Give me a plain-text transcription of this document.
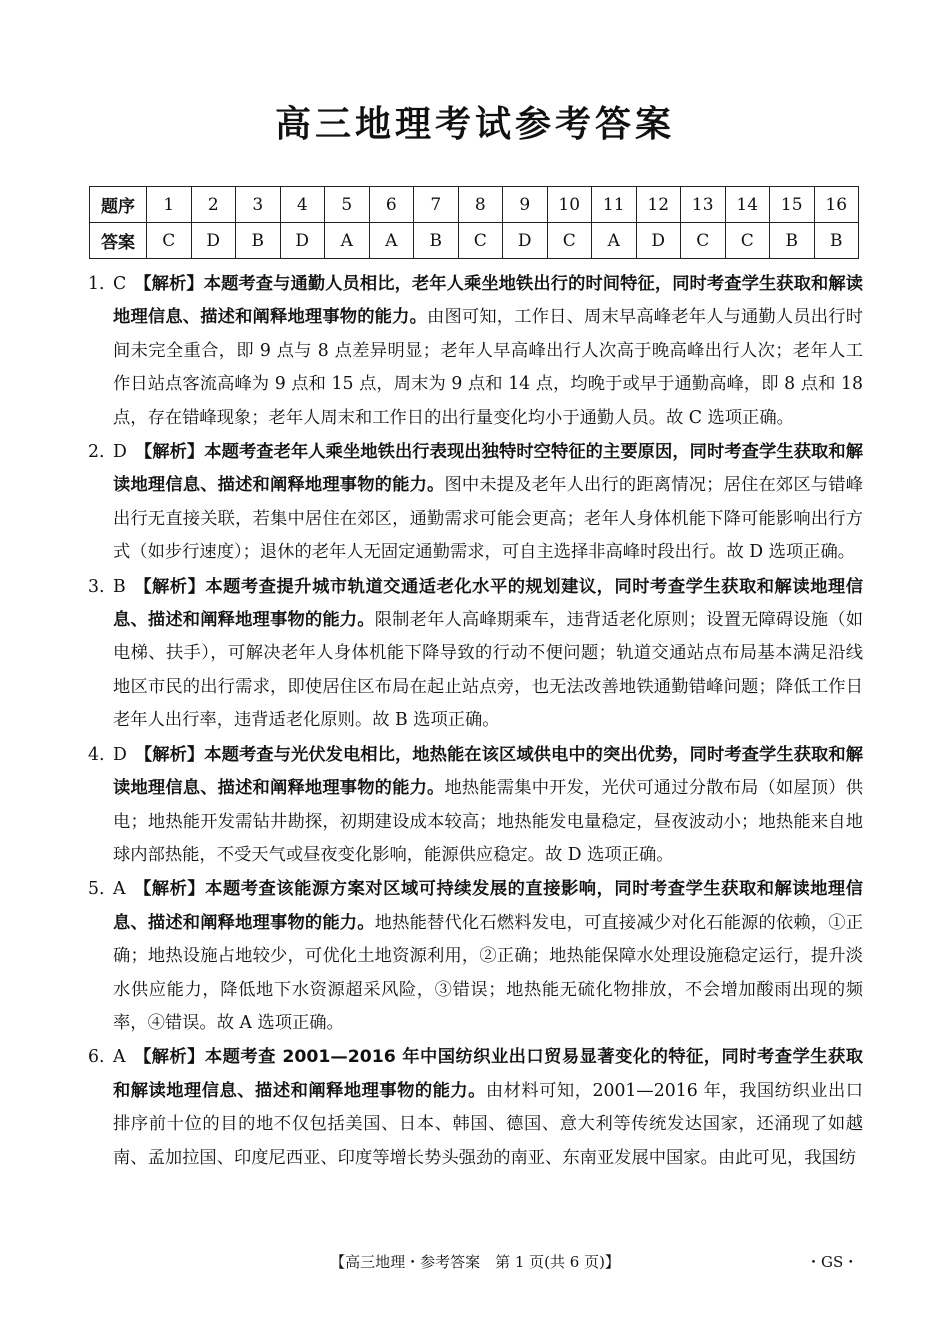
高三地理考试参考答案
题序	1	2	3	4	5	6	7	8	9	10	11	12	13	14	15	16
答案	C	D	B	D	A	A	B	C	D	C	A	D	C	C	B	B
1. C 【解析】本题考查与通勤人员相比，老年人乘坐地铁出行的时间特征，同时考查学生获取和解读地理信息、描述和阐释地理事物的能力。由图可知，工作日、周末早高峰老年人与通勤人员出行时间未完全重合，即 9 点与 8 点差异明显；老年人早高峰出行人次高于晚高峰出行人次；老年人工作日站点客流高峰为 9 点和 15 点，周末为 9 点和 14 点，均晚于或早于通勤高峰，即 8 点和 18 点，存在错峰现象；老年人周末和工作日的出行量变化均小于通勤人员。故 C 选项正确。
2. D 【解析】本题考查老年人乘坐地铁出行表现出独特时空特征的主要原因，同时考查学生获取和解读地理信息、描述和阐释地理事物的能力。图中未提及老年人出行的距离情况；居住在郊区与错峰出行无直接关联，若集中居住在郊区，通勤需求可能会更高；老年人身体机能下降可能影响出行方式（如步行速度）；退休的老年人无固定通勤需求，可自主选择非高峰时段出行。故 D 选项正确。
3. B 【解析】本题考查提升城市轨道交通适老化水平的规划建议，同时考查学生获取和解读地理信息、描述和阐释地理事物的能力。限制老年人高峰期乘车，违背适老化原则；设置无障碍设施（如电梯、扶手），可解决老年人身体机能下降导致的行动不便问题；轨道交通站点布局基本满足沿线地区市民的出行需求，即使居住区布局在起止站点旁，也无法改善地铁通勤错峰问题；降低工作日老年人出行率，违背适老化原则。故 B 选项正确。
4. D 【解析】本题考查与光伏发电相比，地热能在该区域供电中的突出优势，同时考查学生获取和解读地理信息、描述和阐释地理事物的能力。地热能需集中开发，光伏可通过分散布局（如屋顶）供电；地热能开发需钻井勘探，初期建设成本较高；地热能发电量稳定，昼夜波动小；地热能来自地球内部热能，不受天气或昼夜变化影响，能源供应稳定。故 D 选项正确。
5. A 【解析】本题考查该能源方案对区域可持续发展的直接影响，同时考查学生获取和解读地理信息、描述和阐释地理事物的能力。地热能替代化石燃料发电，可直接减少对化石能源的依赖，①正确；地热设施占地较少，可优化土地资源利用，②正确；地热能保障水处理设施稳定运行，提升淡水供应能力，降低地下水资源超采风险，③错误；地热能无硫化物排放，不会增加酸雨出现的频率，④错误。故 A 选项正确。
6. A 【解析】本题考查 2001—2016 年中国纺织业出口贸易显著变化的特征，同时考查学生获取和解读地理信息、描述和阐释地理事物的能力。由材料可知，2001—2016 年，我国纺织业出口排序前十位的目的地不仅包括美国、日本、韩国、德国、意大利等传统发达国家，还涌现了如越南、孟加拉国、印度尼西亚、印度等增长势头强劲的南亚、东南亚发展中国家。由此可见，我国纺
【高三地理・参考答案　第 1 页(共 6 页)】	・GS・
